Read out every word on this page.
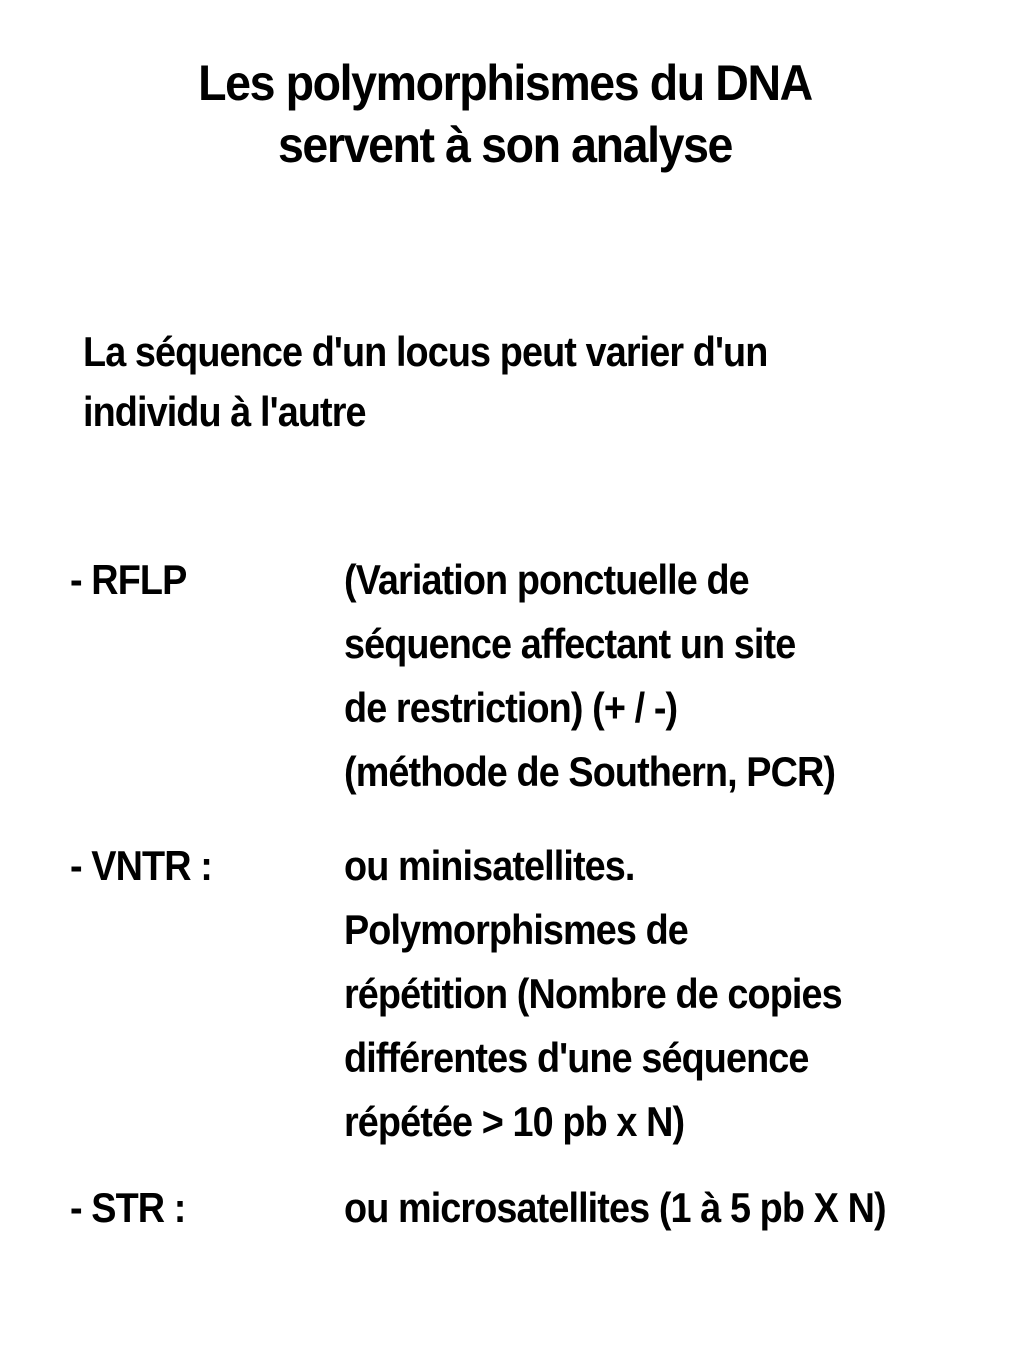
Les polymorphismes du DNA
servent à son analyse
La séquence d'un locus peut varier d'un
individu à l'autre
- RFLP	(Variation ponctuelle de
séquence affectant un site
de restriction) (+ / -)
(méthode de Southern, PCR)
- VNTR :	ou minisatellites.
Polymorphismes de
répétition (Nombre de copies
différentes d'une séquence
répétée > 10 pb x N)
- STR :	ou microsatellites (1 à 5 pb X N)
